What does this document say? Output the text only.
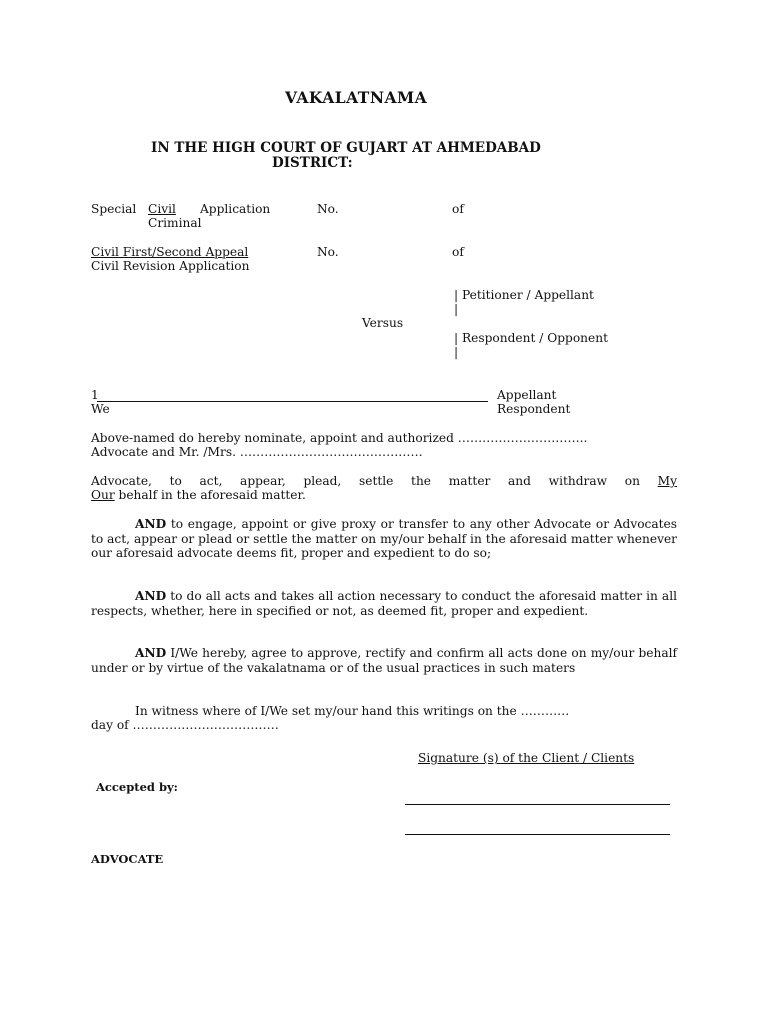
VAKALATNAMA
IN THE HIGH COURT OF GUJART AT AHMEDABAD
DISTRICT:
Special Civil Application
Criminal
No.	of
Civil First/Second Appeal
Civil Revision Application
No.	of
| Petitioner / Appellant
|
Versus
| Respondent / Opponent
|
1
We
Appellant
Respondent
Above-named do hereby nominate, appoint and authorized …………………………..
Advocate and Mr. /Mrs. ………………………………………
Advocate, to act, appear, plead, settle the matter and withdraw on My
Our behalf in the aforesaid matter.
AND to engage, appoint or give proxy or transfer to any other Advocate or Advocates to act, appear or plead or settle the matter on my/our behalf in the aforesaid matter whenever our aforesaid advocate deems fit, proper and expedient to do so;
AND to do all acts and takes all action necessary to conduct the aforesaid matter in all respects, whether, here in specified or not, as deemed fit, proper and expedient.
AND I/We hereby, agree to approve, rectify and confirm all acts done on my/our behalf under or by virtue of the vakalatnama or of the usual practices in such maters
In witness where of I/We set my/our hand this writings on the …………
day of ………………………………
Signature (s) of the Client / Clients
Accepted by:
ADVOCATE
